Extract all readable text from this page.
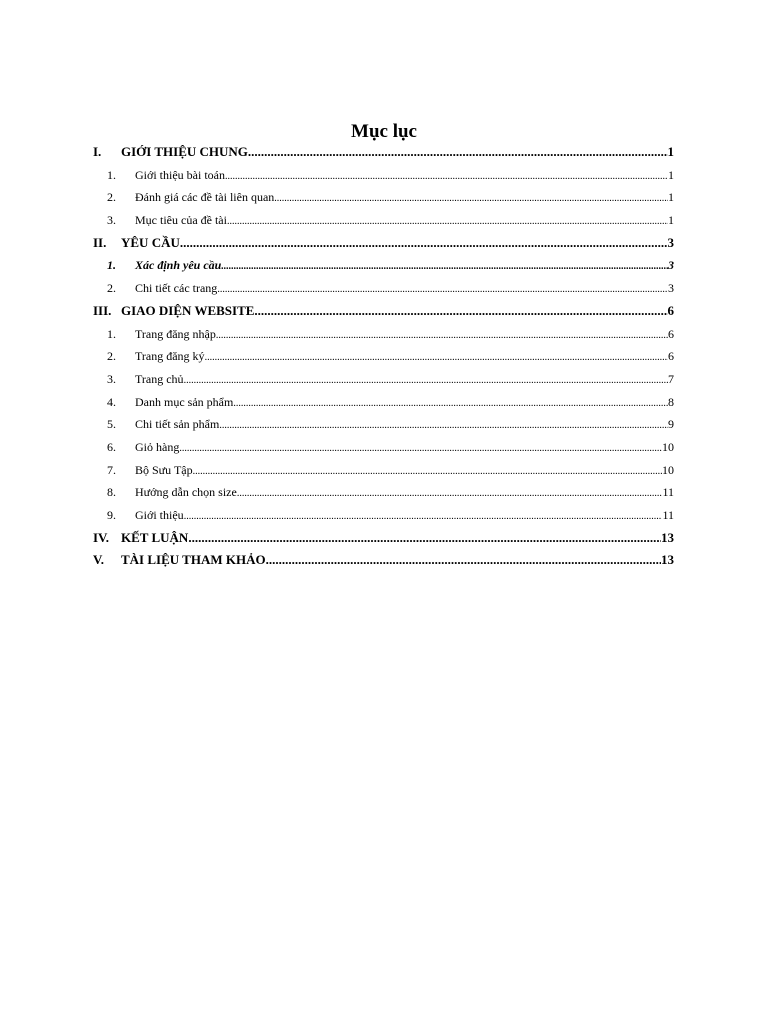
Mục lục
I.	GIỚI THIỆU CHUNG .....	1
1.	Giới thiệu bài toán .....	1
2.	Đánh giá các đề tài liên quan .....	1
3.	Mục tiêu của đề tài .....	1
II.	YÊU CẦU .....	3
1.	Xác định yêu cầu .....	3
2.	Chi tiết các trang .....	3
III. GIAO DIỆN WEBSITE .....	6
1.	Trang đăng nhập .....	6
2.	Trang đăng ký .....	6
3.	Trang chủ .....	7
4.	Danh mục sản phẩm .....	8
5.	Chi tiết sản phẩm .....	9
6.	Giỏ hàng .....	10
7.	Bộ Sưu Tập .....	10
8.	Hướng dẫn chọn size .....	11
9.	Giới thiệu .....	11
IV. KẾT LUẬN .....	13
V.	TÀI LIỆU THAM KHẢO .....	13
